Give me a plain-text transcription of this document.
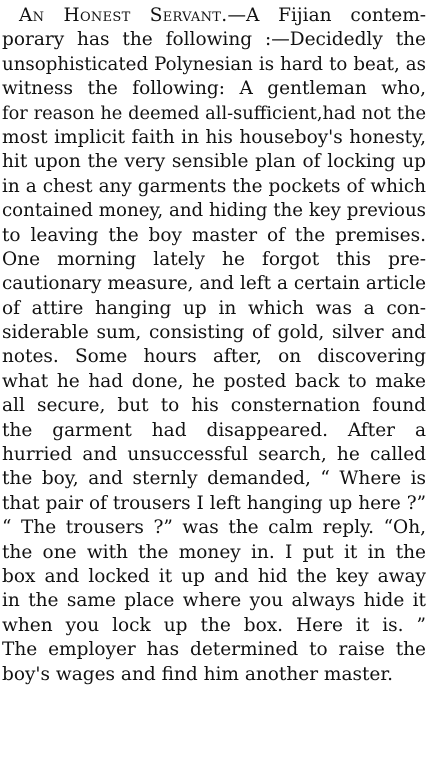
An Honest Servant.—A Fijian contem-
porary has the following :—Decidedly the
unsophisticated Polynesian is hard to beat, as
witness the following: A gentleman who,
for reason he deemed all-sufficient,had not the
most implicit faith in his houseboy's honesty,
hit upon the very sensible plan of locking up
in a chest any garments the pockets of which
contained money, and hiding the key previous
to leaving the boy master of the premises.
One morning lately he forgot this pre-
cautionary measure, and left a certain article
of attire hanging up in which was a con-
siderable sum, consisting of gold, silver and
notes. Some hours after, on discovering
what he had done, he posted back to make
all secure, but to his consternation found
the garment had disappeared. After a
hurried and unsuccessful search, he called
the boy, and sternly demanded, “ Where is
that pair of trousers I left hanging up here ?”
“ The trousers ?” was the calm reply. “Oh,
the one with the money in. I put it in the
box and locked it up and hid the key away
in the same place where you always hide it
when you lock up the box. Here it is. ”
The employer has determined to raise the
boy's wages and find him another master.
